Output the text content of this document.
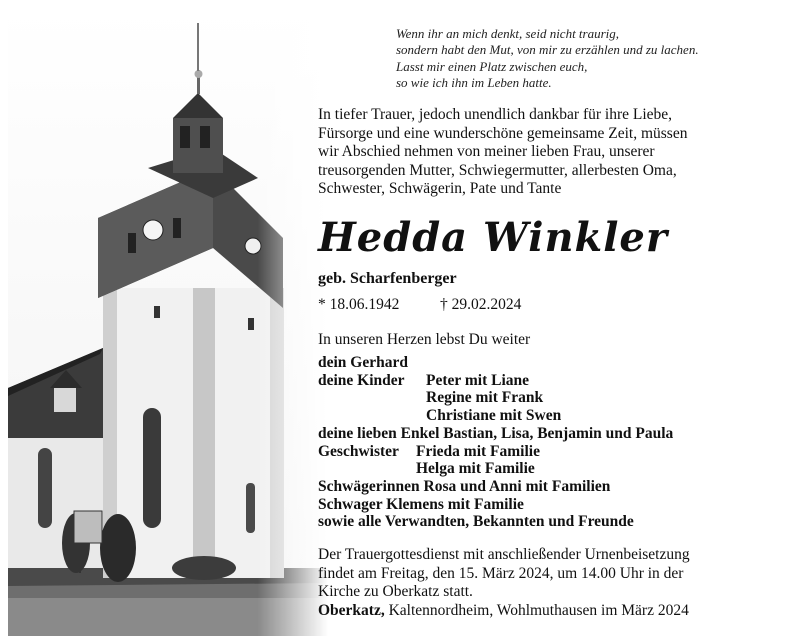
Wenn ihr an mich denkt, seid nicht traurig,
sondern habt den Mut, von mir zu erzählen und zu lachen.
Lasst mir einen Platz zwischen euch,
so wie ich ihn im Leben hatte.
In tiefer Trauer, jedoch unendlich dankbar für ihre Liebe,
Fürsorge und eine wunderschöne gemeinsame Zeit, müssen
wir Abschied nehmen von meiner lieben Frau, unserer
treusorgenden Mutter, Schwiegermutter, allerbesten Oma,
Schwester, Schwägerin, Pate und Tante
Hedda Winkler
geb. Scharfenberger
* 18.06.1942	† 29.02.2024
In unseren Herzen lebst Du weiter
dein Gerhard
deine Kinder	Peter mit Liane
Regine mit Frank
Christiane mit Swen
deine lieben Enkel Bastian, Lisa, Benjamin und Paula
Geschwister	Frieda mit Familie
Helga mit Familie
Schwägerinnen Rosa und Anni mit Familien
Schwager Klemens mit Familie
sowie alle Verwandten, Bekannten und Freunde
Der Trauergottesdienst mit anschließender Urnenbeisetzung
findet am Freitag, den 15. März 2024, um 14.00 Uhr in der
Kirche zu Oberkatz statt.
Oberkatz, Kaltennordheim, Wohlmuthausen im März 2024
